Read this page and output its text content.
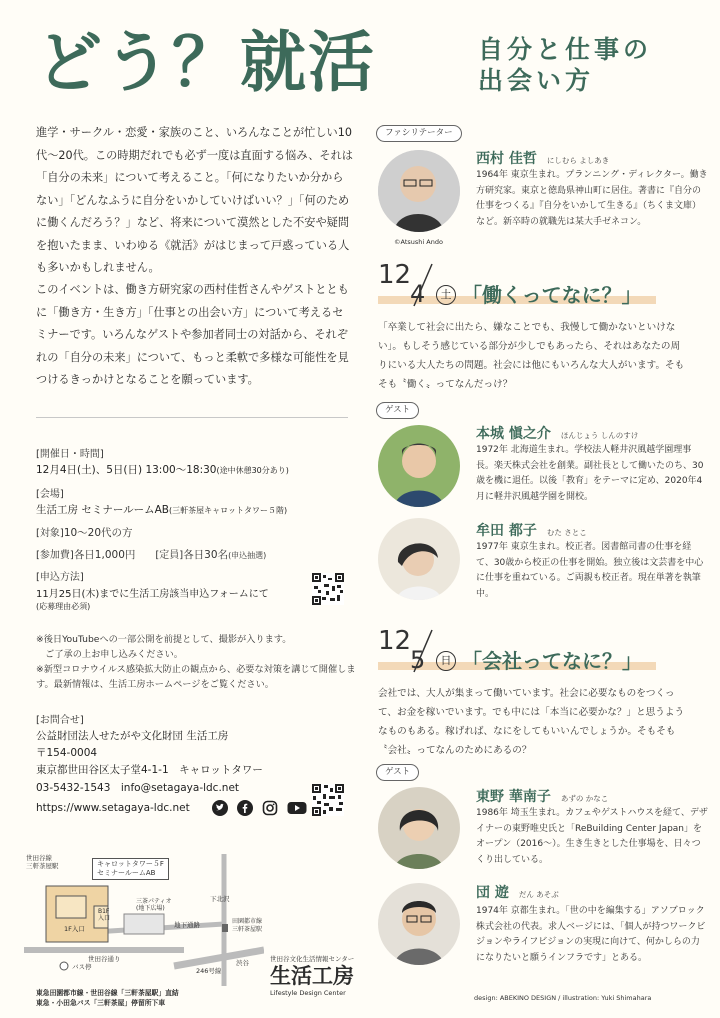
どう？就活	自分と仕事の
出会い方
進学・サークル・恋愛・家族のこと、いろんなことが忙しい10代〜20代。この時期だれでも必ず一度は直面する悩み、それは「自分の未来」について考えること。「何になりたいか分からない」「どんなふうに自分をいかしていけばいい？」「何のために働くんだろう？」など、将来について漠然とした不安や疑問を抱いたまま、いわゆる《就活》がはじまって戸惑っている人も多いかもしれません。
このイベントは、働き方研究家の西村佳哲さんやゲストとともに「働き方・生き方」「仕事との出会い方」について考えるセミナーです。いろんなゲストや参加者同士の対話から、それぞれの「自分の未来」について、もっと柔軟で多様な可能性を見つけるきっかけとなることを願っています。
[開催日・時間]
12月4日(土)、5日(日) 13:00〜18:30(途中休憩30分あり)
[会場]
生活工房 セミナールームAB(三軒茶屋キャロットタワー５階)
[対象]10〜20代の方
[参加費]各日1,000円　　 [定員]各日30名(申込抽選)
[申込方法]
11月25日(木)までに生活工房該当申込フォームにて
(応募理由必須)
※後日YouTubeへの一部公開を前提として、撮影が入ります。
　ご了承の上お申し込みください。
※新型コロナウイルス感染拡大防止の観点から、必要な対策を講じて開催します。最新情報は、生活工房ホームページをご覧ください。
[お問合せ]
公益財団法人せたがや文化財団 生活工房
〒154-0004
東京都世田谷区太子堂4-1-1　キャロットタワー
03-5432-1543　 info@setagaya-ldc.net
https://www.setagaya-ldc.net
世田谷線
三軒茶屋駅	キャロットタワー５F
セミナールームAB
1F入口
B1F
入口
三茶パティオ
(地下広場)
世田谷通り
地下通路
下北沢
246号線
渋谷
田園都市線
三軒茶屋駅
バス停
東急田園都市線・世田谷線「三軒茶屋駅」直結
東急・小田急バス「三軒茶屋」停留所下車
世田谷文化生活情報センター
生活工房
Lifestyle Design Center
ファシリテーター
©Atsushi Ando
西村 佳哲 にしむら よしあき
1964年 東京生まれ。プランニング・ディレクター。働き方研究家。東京と徳島県神山町に居住。著書に『自分の仕事をつくる』『自分をいかして生きる』（ちくま文庫）など。新卒時の就職先は某大手ゼネコン。
12
4	土 「働くってなに？」
「卒業して社会に出たら、嫌なことでも、我慢して働かないといけない」。もしそう感じている部分が少しでもあったら、それはあなたの周りにいる大人たちの問題。社会には他にもいろんな大人がいます。そもそも〝働く〟ってなんだっけ？
ゲスト
本城 愼之介 ほんじょう しんのすけ
1972年 北海道生まれ。学校法人軽井沢風越学園理事長。楽天株式会社を創業。副社長として働いたのち、30歳を機に退任。以後「教育」をテーマに定め、2020年4月に軽井沢風越学園を開校。
牟田 都子 むた さとこ
1977年 東京生まれ。校正者。図書館司書の仕事を経て、30歳から校正の仕事を開始。独立後は文芸書を中心に仕事を重ねている。ご両親も校正者。現在単著を執筆中。
12
5	日 「会社ってなに？」
会社では、大人が集まって働いています。社会に必要なものをつくって、お金を稼いでいます。でも中には「本当に必要かな？」と思うようなものもある。稼げれば、なにをしてもいいんでしょうか。そもそも〝会社〟ってなんのためにあるの？
ゲスト
東野 華南子 あずの かなこ
1986年 埼玉生まれ。カフェやゲストハウスを経て、デザイナーの東野唯史氏と「ReBuilding Center Japan」をオープン（2016〜）。生き生きとした仕事場を、日々つくり出している。
団 遊 だん あそぶ
1974年 京都生まれ。「世の中を編集する」アソブロック株式会社の代表。求人ベージには、「個人が持つワークビジョンやライフビジョンの実現に向けて、何かしらの力になりたいと願うインフラです」とある。
design: ABEKINO DESIGN / illustration: Yuki Shimahara
